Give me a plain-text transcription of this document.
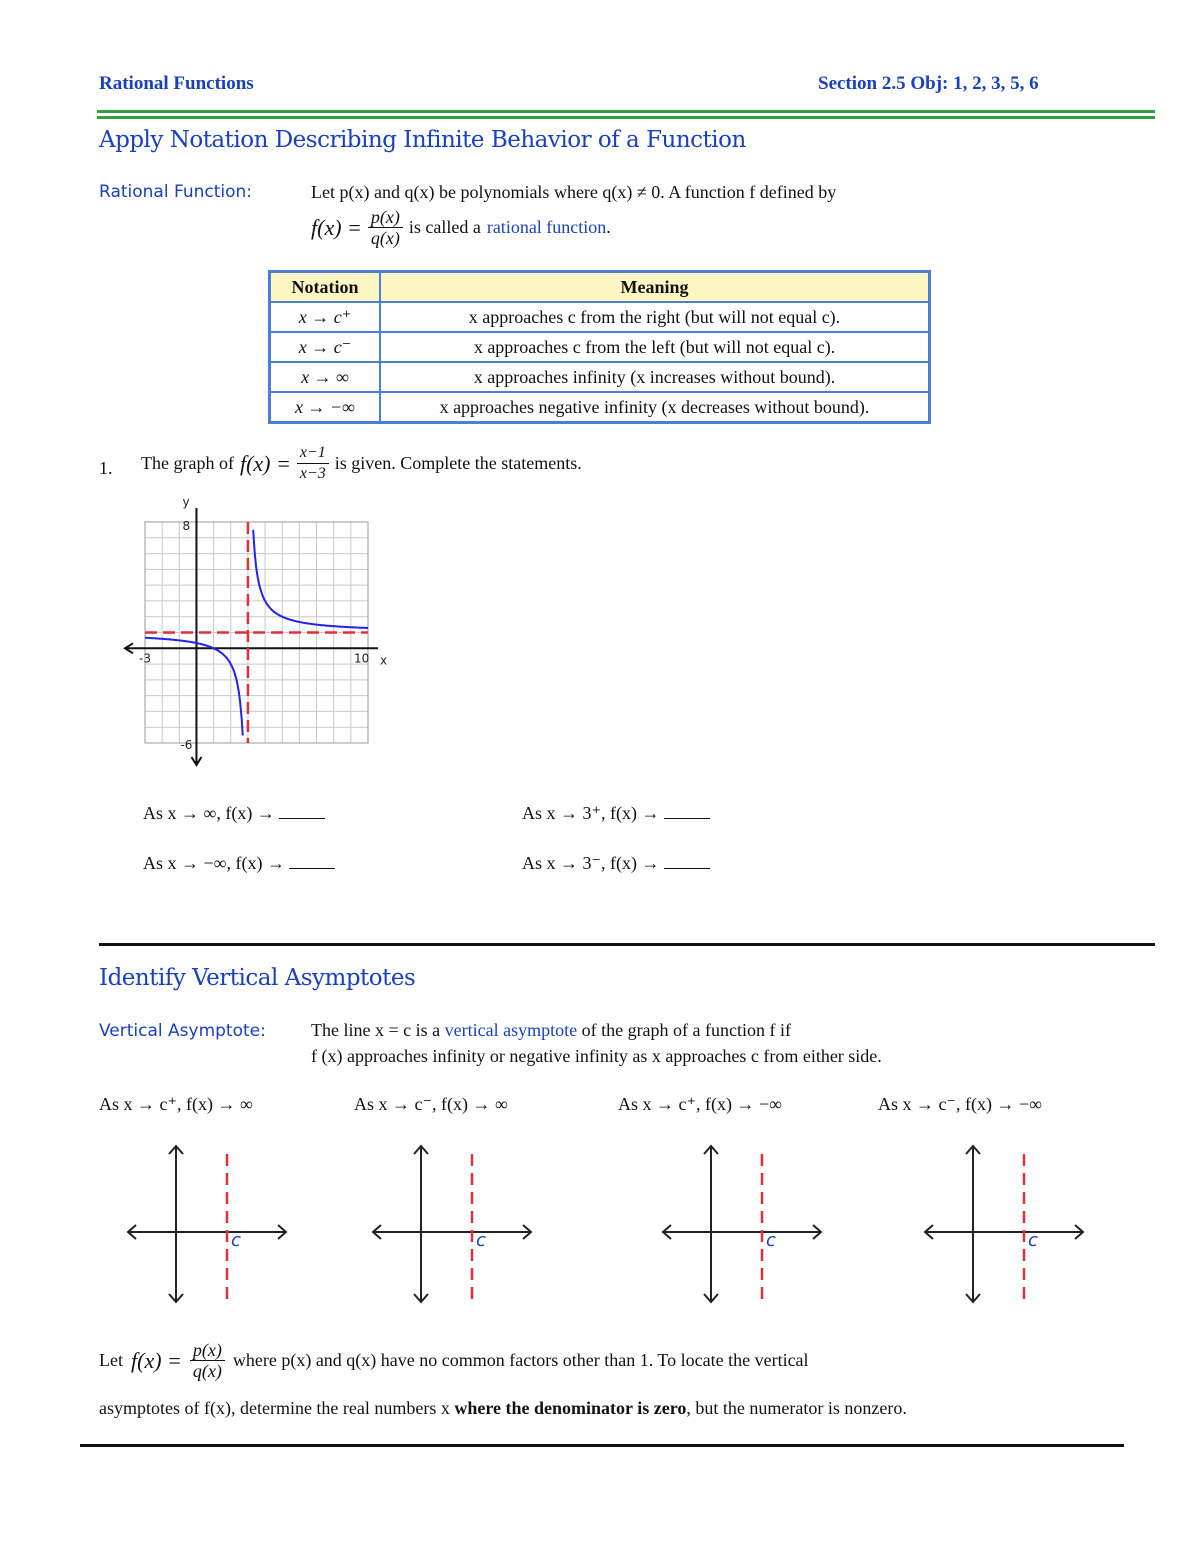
Rational Functions	Section 2.5 Obj: 1, 2, 3, 5, 6
Apply Notation Describing Infinite Behavior of a Function
Rational Function:	Let p(x) and q(x) be polynomials where q(x) ≠ 0. A function f defined by
$f(x) = \frac{p(x)}{q(x)}$ is called a rational function .
Notation	Meaning
x → c⁺	x approaches c from the right (but will not equal c).
x → c⁻	x approaches c from the left (but will not equal c).
x → ∞	x approaches infinity (x increases without bound).
x → −∞	x approaches negative infinity (x decreases without bound).
1. The graph of $f(x) = \frac{x-1}{x-3}$ is given. Complete the statements.
x
y
-3	10
8
-6
As x → ∞, f(x) →	As x → 3⁺, f(x) →
As x → −∞, f(x) →	As x → 3⁻, f(x) →
Identify Vertical Asymptotes
Vertical Asymptote:	The line x = c is a vertical asymptote of the graph of a function f if
f (x) approaches infinity or negative infinity as x approaches c from either side.
As x → c⁺, f(x) → ∞	As x → c⁻, f(x) → ∞	As x → c⁺, f(x) → −∞	As x → c⁻, f(x) → −∞
c	c	c	c
Let $f(x) = \frac{p(x)}{q(x)}$ where p(x) and q(x) have no common factors other than 1. To locate the vertical
asymptotes of f(x), determine the real numbers x where the denominator is zero, but the numerator is nonzero.
